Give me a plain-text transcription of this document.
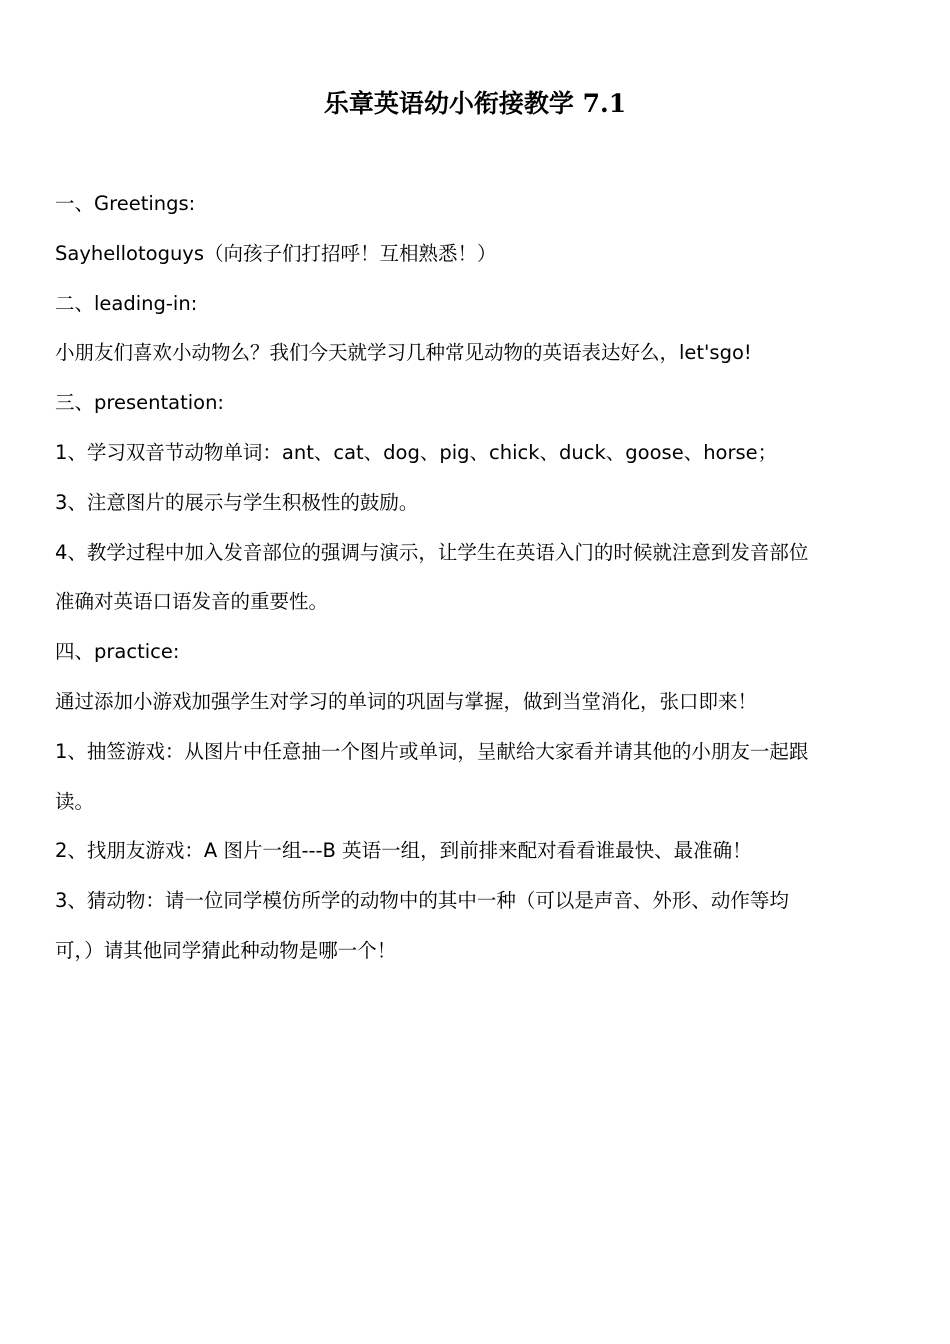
乐章英语幼小衔接教学 7.1
一、Greetings:
Sayhellotoguys（向孩子们打招呼！互相熟悉！）
二、leading-in:
小朋友们喜欢小动物么？我们今天就学习几种常见动物的英语表达好么，let'sgo!
三、presentation:
1、学习双音节动物单词：ant、cat、dog、pig、chick、duck、goose、horse；
3、注意图片的展示与学生积极性的鼓励。
4、教学过程中加入发音部位的强调与演示，让学生在英语入门的时候就注意到发音部位
准确对英语口语发音的重要性。
四、practice:
通过添加小游戏加强学生对学习的单词的巩固与掌握，做到当堂消化，张口即来！
1、抽签游戏：从图片中任意抽一个图片或单词，呈献给大家看并请其他的小朋友一起跟
读。
2、找朋友游戏：A 图片一组---B 英语一组，到前排来配对看看谁最快、最准确！
3、猜动物：请一位同学模仿所学的动物中的其中一种（可以是声音、外形、动作等均
可，）请其他同学猜此种动物是哪一个！
